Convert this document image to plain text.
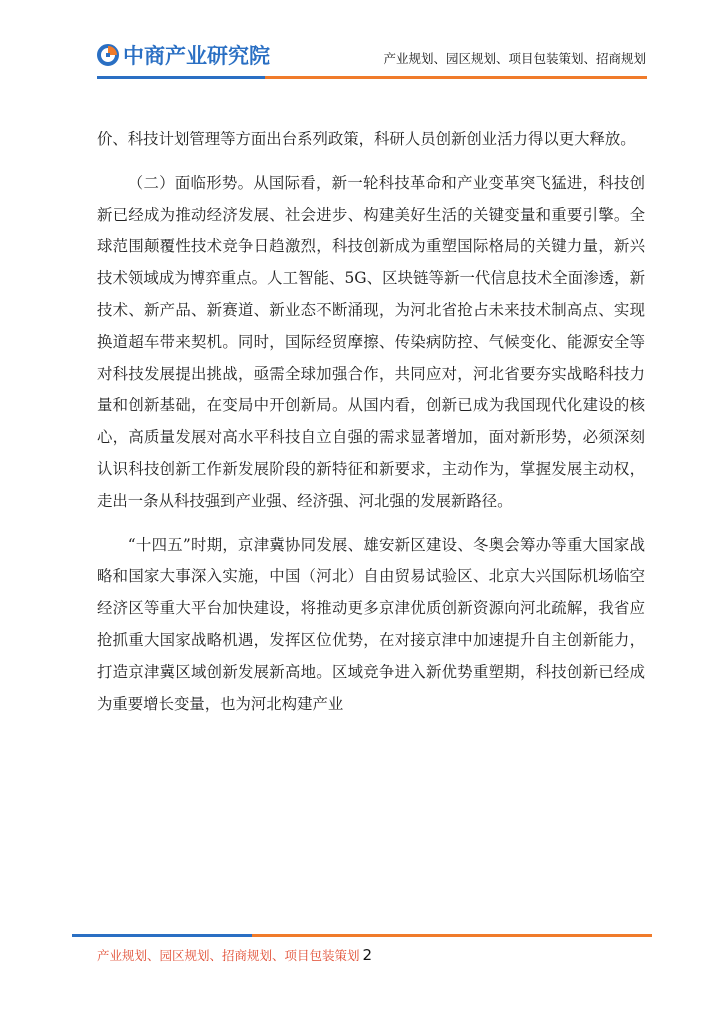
中商产业研究院	产业规划、园区规划、项目包装策划、招商规划

价、科技计划管理等方面出台系列政策，科研人员创新创业活力得以更大释放。

（二）面临形势。从国际看，新一轮科技革命和产业变革突飞猛进，科技创新已经成为推动经济发展、社会进步、构建美好生活的关键变量和重要引擎。全球范围颠覆性技术竞争日趋激烈，科技创新成为重塑国际格局的关键力量，新兴技术领域成为博弈重点。人工智能、5G、区块链等新一代信息技术全面渗透，新技术、新产品、新赛道、新业态不断涌现，为河北省抢占未来技术制高点、实现换道超车带来契机。同时，国际经贸摩擦、传染病防控、气候变化、能源安全等对科技发展提出挑战，亟需全球加强合作，共同应对，河北省要夯实战略科技力量和创新基础，在变局中开创新局。从国内看，创新已成为我国现代化建设的核心，高质量发展对高水平科技自立自强的需求显著增加，面对新形势，必须深刻认识科技创新工作新发展阶段的新特征和新要求，主动作为，掌握发展主动权，走出一条从科技强到产业强、经济强、河北强的发展新路径。

“十四五”时期，京津冀协同发展、雄安新区建设、冬奥会筹办等重大国家战略和国家大事深入实施，中国（河北）自由贸易试验区、北京大兴国际机场临空经济区等重大平台加快建设，将推动更多京津优质创新资源向河北疏解，我省应抢抓重大国家战略机遇，发挥区位优势，在对接京津中加速提升自主创新能力，打造京津冀区域创新发展新高地。区域竞争进入新优势重塑期，科技创新已经成为重要增长变量，也为河北构建产业

产业规划、园区规划、招商规划、项目包装策划 2
